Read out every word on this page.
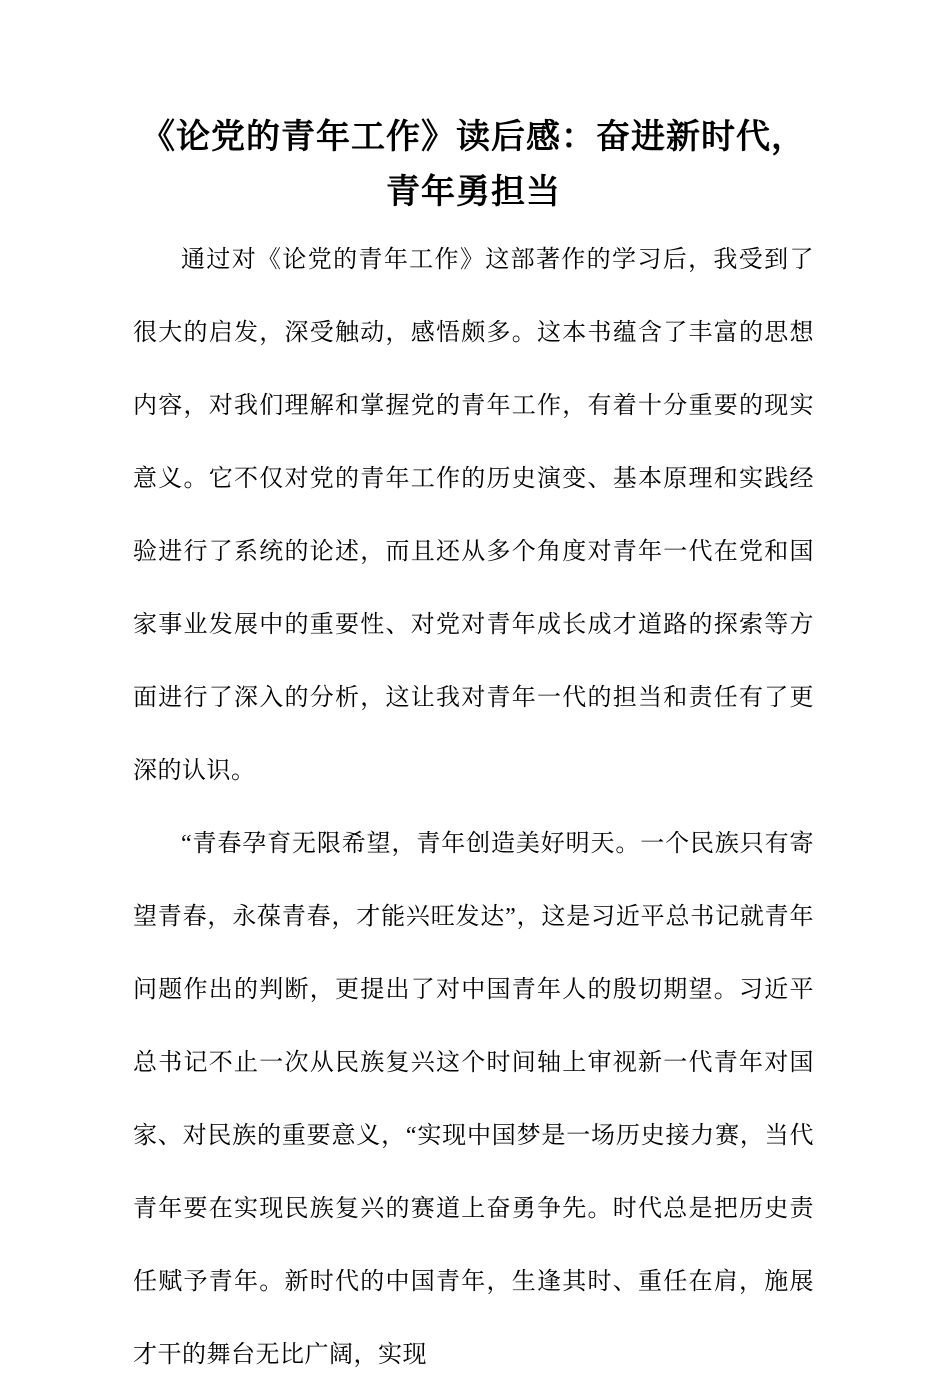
《论党的青年工作》读后感：奋进新时代，青年勇担当

通过对《论党的青年工作》这部著作的学习后，我受到了很大的启发，深受触动，感悟颇多。这本书蕴含了丰富的思想内容，对我们理解和掌握党的青年工作，有着十分重要的现实意义。它不仅对党的青年工作的历史演变、基本原理和实践经验进行了系统的论述，而且还从多个角度对青年一代在党和国家事业发展中的重要性、对党对青年成长成才道路的探索等方面进行了深入的分析，这让我对青年一代的担当和责任有了更深的认识。

“青春孕育无限希望，青年创造美好明天。一个民族只有寄望青春，永葆青春，才能兴旺发达”，这是习近平总书记就青年问题作出的判断，更提出了对中国青年人的殷切期望。习近平总书记不止一次从民族复兴这个时间轴上审视新一代青年对国家、对民族的重要意义，“实现中国梦是一场历史接力赛，当代青年要在实现民族复兴的赛道上奋勇争先。时代总是把历史责任赋予青年。新时代的中国青年，生逢其时、重任在肩，施展才干的舞台无比广阔，实现
